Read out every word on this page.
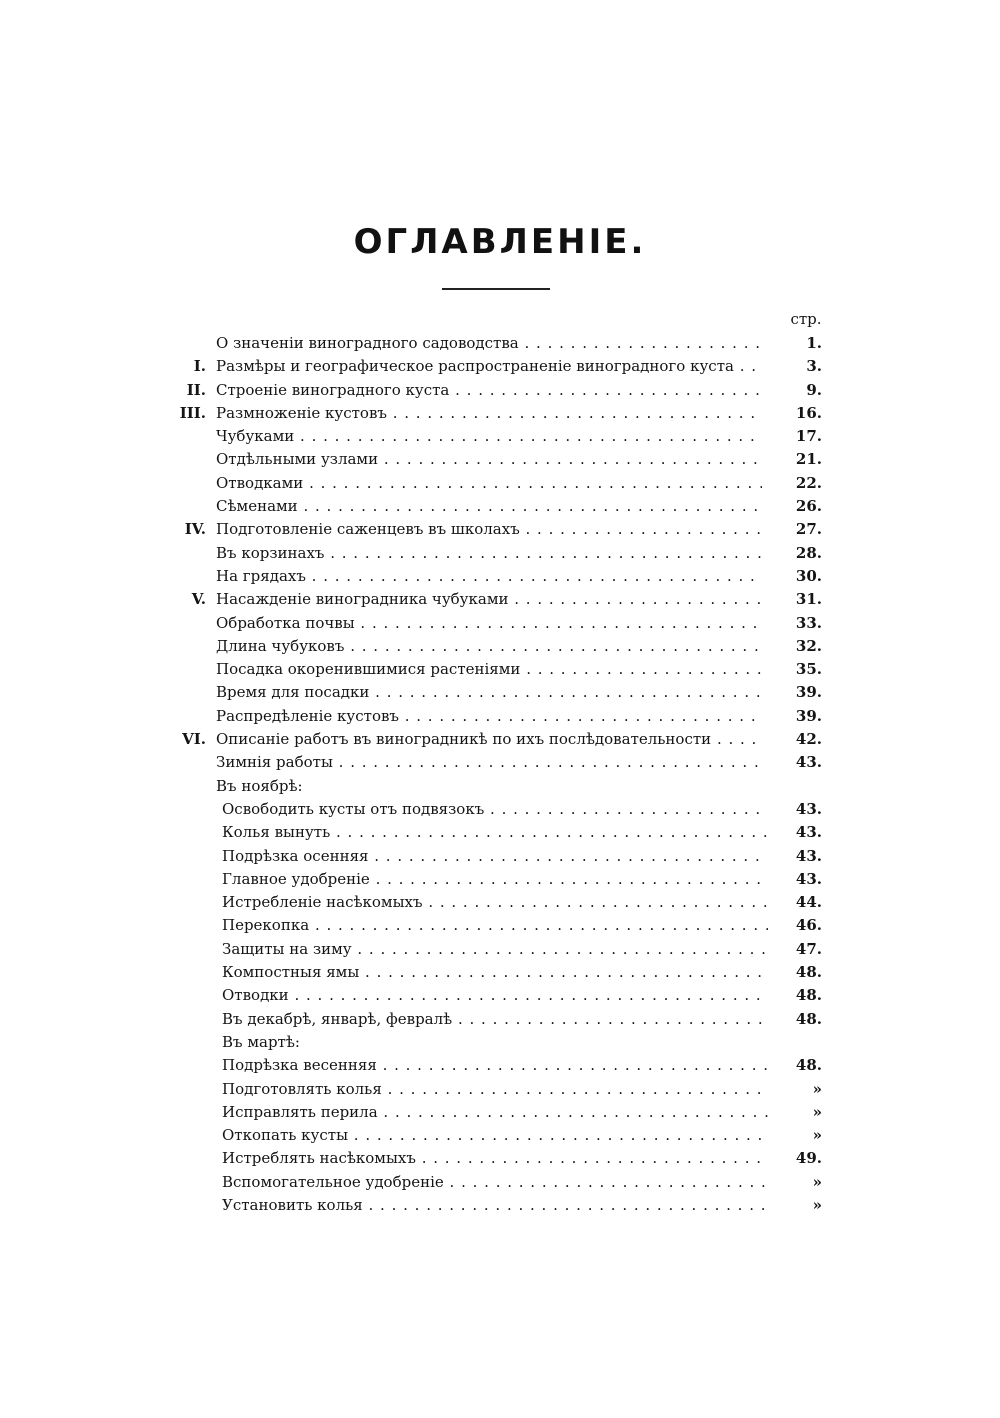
ОГЛАВЛЕНІЕ.
стр.
О значеніи виноградного садоводства . .	1.
I. Размѣры и географическое распространеніе виноградного куста . .	3.
II. Строеніе виноградного куста . .	9.
III. Размноженіе кустовъ . .	16.
Чубуками . .	17.
Отдѣльными узлами . .	21.
Отводками . .	22.
Сѣменами . .	26.
IV. Подготовленіе саженцевъ въ школахъ . .	27.
Въ корзинахъ . .	28.
На грядахъ . .	30.
V. Насажденіе виноградника чубуками . .	31.
Обработка почвы . .	33.
Длина чубуковъ . .	32.
Посадка окоренившимися растеніями . .	35.
Время для посадки . .	39.
Распредѣленіе кустовъ . .	39.
VI. Описаніе работъ въ виноградникѣ по ихъ послѣдовательности . .	42.
Зимнія работы . .	43.
Въ ноябрѣ:
Освободить кусты отъ подвязокъ . .	43.
Колья вынуть . .	43.
Подрѣзка осенняя . .	43.
Главное удобреніе . .	43.
Истребленіе насѣкомыхъ . .	44.
Перекопка . .	46.
Защиты на зиму . .	47.
Компостныя ямы . .	48.
Отводки . .	48.
Въ декабрѣ, январѣ, февралѣ . .	48.
Въ мартѣ:
Подрѣзка весенняя . .	48.
Подготовлять колья . .	»
Исправлять перила . .	»
Откопать кусты . .	»
Истреблять насѣкомыхъ . .	49.
Вспомогательное удобреніе . .	»
Установить колья . .	»
